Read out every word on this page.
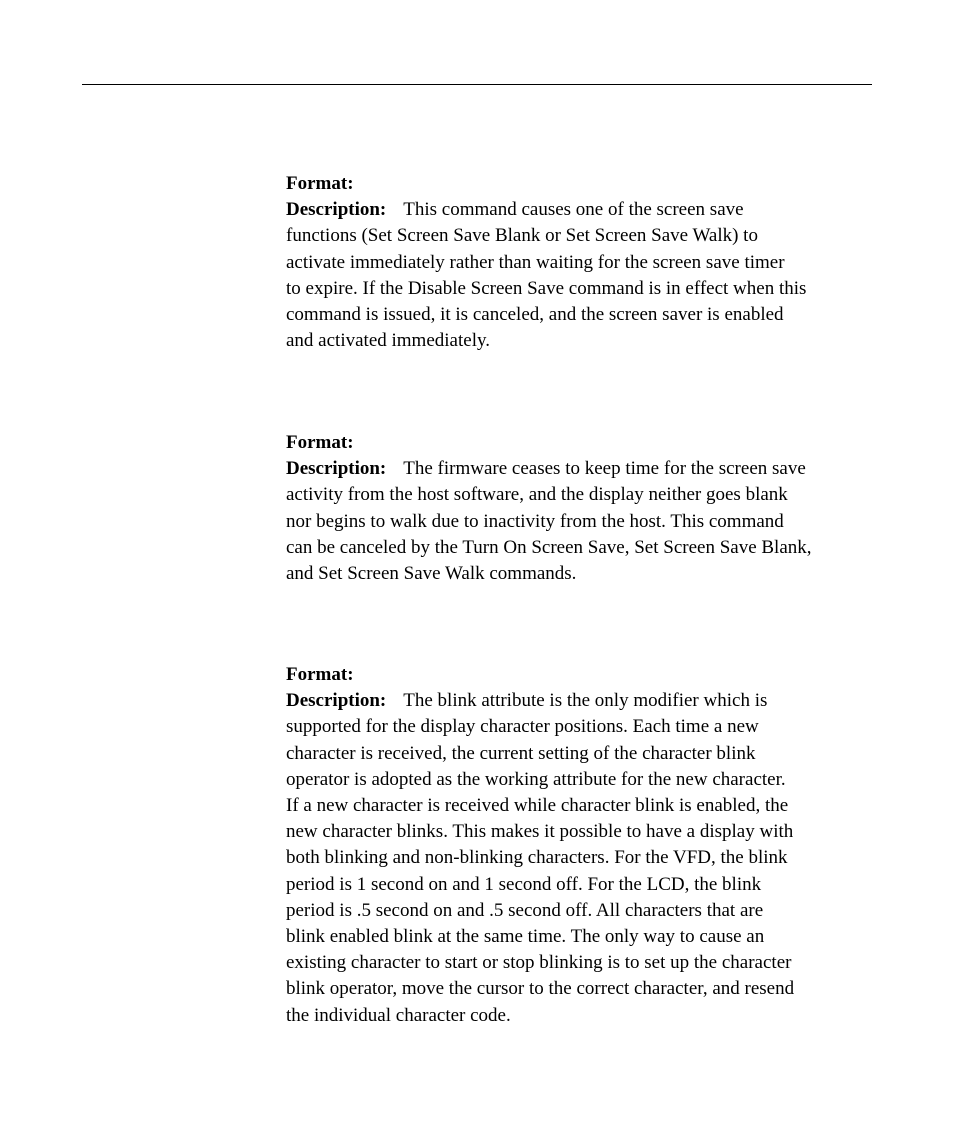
Format:
Description: This command causes one of the screen save
functions (Set Screen Save Blank or Set Screen Save Walk) to
activate immediately rather than waiting for the screen save timer
to expire. If the Disable Screen Save command is in effect when this
command is issued, it is canceled, and the screen saver is enabled
and activated immediately.
Format:
Description: The firmware ceases to keep time for the screen save
activity from the host software, and the display neither goes blank
nor begins to walk due to inactivity from the host. This command
can be canceled by the Turn On Screen Save, Set Screen Save Blank,
and Set Screen Save Walk commands.
Format:
Description: The blink attribute is the only modifier which is
supported for the display character positions. Each time a new
character is received, the current setting of the character blink
operator is adopted as the working attribute for the new character.
If a new character is received while character blink is enabled, the
new character blinks. This makes it possible to have a display with
both blinking and non-blinking characters. For the VFD, the blink
period is 1 second on and 1 second off. For the LCD, the blink
period is .5 second on and .5 second off. All characters that are
blink enabled blink at the same time. The only way to cause an
existing character to start or stop blinking is to set up the character
blink operator, move the cursor to the correct character, and resend
the individual character code.
